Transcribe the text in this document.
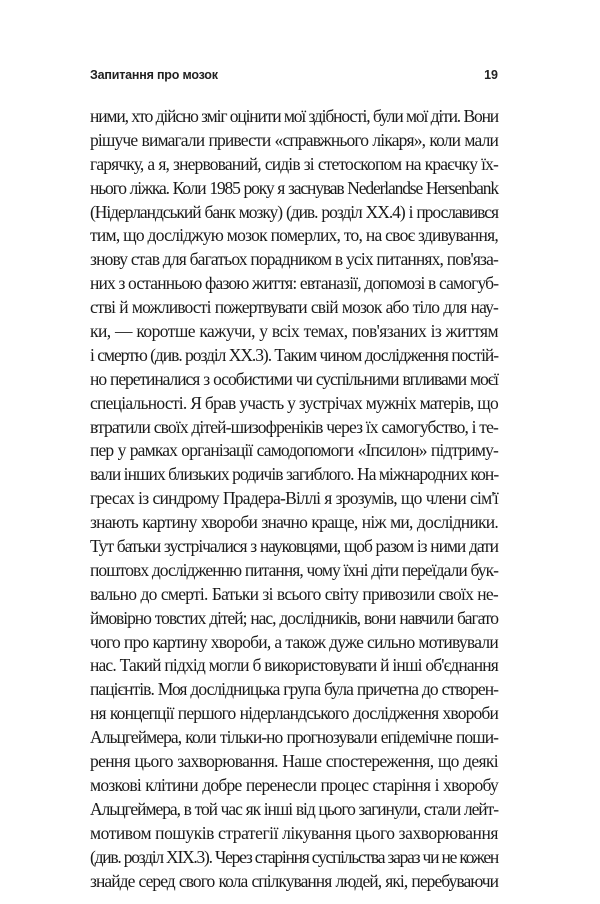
Запитання про мозок	19
ними, хто дійсно зміг оцінити мої здібності, були мої діти. Вони
рішуче вимагали привести «справжнього лікаря», коли мали
гарячку, а я, знервований, сидів зі стетоскопом на краєчку їх-
нього ліжка. Коли 1985 року я заснував Nederlandse Hersenbank
(Нідерландський банк мозку) (див. розділ XX.4) і прославився
тим, що досліджую мозок померлих, то, на своє здивування,
знову став для багатьох порадником в усіх питаннях, пов'яза-
них з останньою фазою життя: евтаназії, допомозі в самогуб-
стві й можливості пожертвувати свій мозок або тіло для нау-
ки, — коротше кажучи, у всіх темах, пов'язаних із життям
і смертю (див. розділ XX.3). Таким чином дослідження постій-
но перетиналися з особистими чи суспільними впливами моєї
спеціальності. Я брав участь у зустрічах мужніх матерів, що
втратили своїх дітей-шизофреніків через їх самогубство, і те-
пер у рамках організації самодопомоги «Іпсилон» підтриму-
вали інших близьких родичів загиблого. На міжнародних кон-
гресах із синдрому Прадера-Віллі я зрозумів, що члени сім'ї
знають картину хвороби значно краще, ніж ми, дослідники.
Тут батьки зустрічалися з науковцями, щоб разом із ними дати
поштовх дослідженню питання, чому їхні діти переїдали бук-
вально до смерті. Батьки зі всього світу привозили своїх не-
ймовірно товстих дітей; нас, дослідників, вони навчили багато
чого про картину хвороби, а також дуже сильно мотивували
нас. Такий підхід могли б використовувати й інші об'єднання
пацієнтів. Моя дослідницька група була причетна до створен-
ня концепції першого нідерландського дослідження хвороби
Альцгеймера, коли тільки-но прогнозували епідемічне поши-
рення цього захворювання. Наше спостереження, що деякі
мозкові клітини добре перенесли процес старіння і хворобу
Альцгеймера, в той час як інші від цього загинули, стали лейт-
мотивом пошуків стратегії лікування цього захворювання
(див. розділ XIX.3). Через старіння суспільства зараз чи не кожен
знайде серед свого кола спілкування людей, які, перебуваючи
